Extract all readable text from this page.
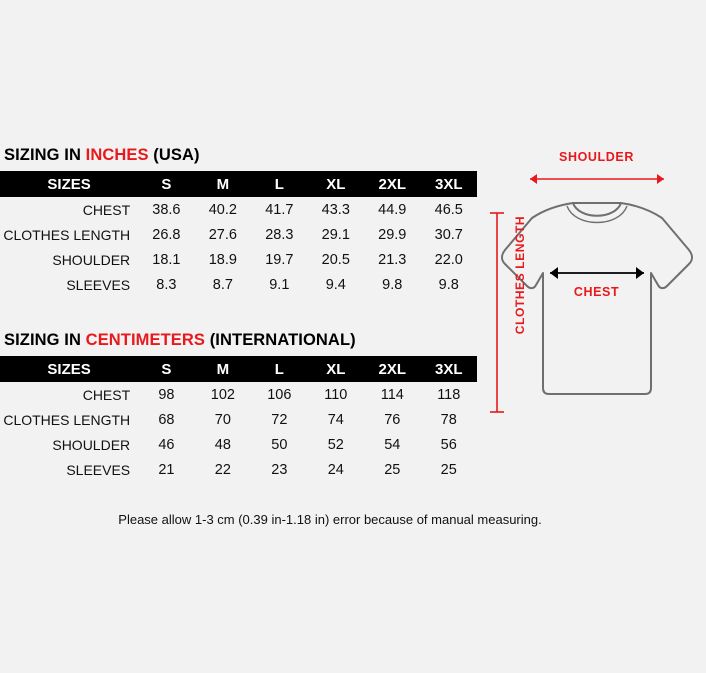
SIZING IN INCHES (USA)
SIZES	S	M	L	XL	2XL	3XL
CHEST	38.6	40.2	41.7	43.3	44.9	46.5
CLOTHES LENGTH	26.8	27.6	28.3	29.1	29.9	30.7
SHOULDER	18.1	18.9	19.7	20.5	21.3	22.0
SLEEVES	8.3	8.7	9.1	9.4	9.8	9.8
SIZING IN CENTIMETERS (INTERNATIONAL)
SIZES	S	M	L	XL	2XL	3XL
CHEST	98	102	106	110	114	118
CLOTHES LENGTH	68	70	72	74	76	78
SHOULDER	46	48	50	52	54	56
SLEEVES	21	22	23	24	25	25
Please allow 1-3 cm (0.39 in-1.18 in) error because of manual measuring.
SHOULDER
CHEST
CLOTHES LENGTH
